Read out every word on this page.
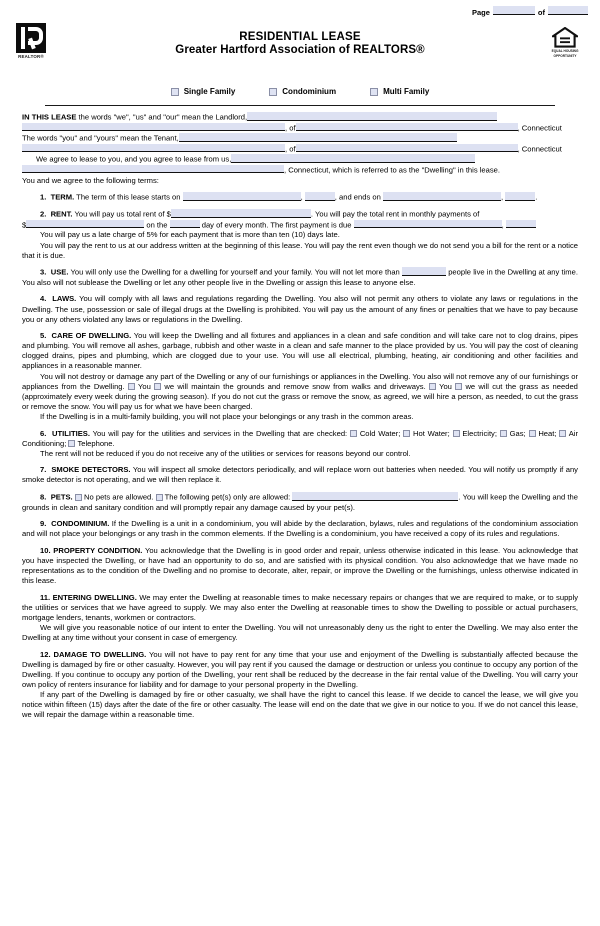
Page	of
REALTOR®
RESIDENTIAL LEASE
Greater Hartford Association of REALTORS®	EQUAL HOUSING
OPPORTUNITY
Single Family	Condominium	Multi Family
IN THIS LEASE the words "we", "us" and "our" mean the Landlord,
, of	, Connecticut
The words "you" and "yours" mean the Tenant,
, of	, Connecticut
We agree to lease to you, and you agree to lease from us,
, Connecticut, which is referred to as the "Dwelling" in this lease.
You and we agree to the following terms:
1. TERM. The term of this lease starts on	,	, and ends on	,	.
2. RENT. You will pay us total rent of $	. You will pay the total rent in monthly payments of
$	on the	day of every month. The first payment is due	,

You will pay us a late charge of 5% for each payment that is more than ten (10) days late.

You will pay the rent to us at our address written at the beginning of this lease. You will pay the rent even though we do not send you a bill for the rent or a notice that it is due.

3. USE. You will only use the Dwelling for a dwelling for yourself and your family. You will not let more than	people live in the Dwelling at any time. You also will not sublease the Dwelling or let any other people live in the Dwelling or assign this lease to anyone else.

4. LAWS. You will comply with all laws and regulations regarding the Dwelling. You also will not permit any others to violate any laws or regulations in the Dwelling. The use, possession or sale of illegal drugs at the Dwelling is prohibited. You will pay us the amount of any fines or penalties that we have to pay because you or any others violated any laws or regulations in the Dwelling.

5. CARE OF DWELLING. You will keep the Dwelling and all fixtures and appliances in a clean and safe condition and will take care not to clog drains, pipes and plumbing. You will remove all ashes, garbage, rubbish and other waste in a clean and safe manner to the place provided by us. You will pay the cost of cleaning clogged drains, pipes and plumbing, which are clogged due to your use. You will use all electrical, plumbing, heating, air conditioning and other facilities and appliances in a reasonable manner.

You will not destroy or damage any part of the Dwelling or any of our furnishings or appliances in the Dwelling. You also will not remove any of our furnishings or appliances from the Dwelling. You we will maintain the grounds and remove snow from walks and driveways. You we will cut the grass as needed (approximately every week during the growing season). If you do not cut the grass or remove the snow, as agreed, we will hire a person, as needed, to cut the grass or remove the snow. You will pay us for what we have been charged.

If the Dwelling is in a multi-family building, you will not place your belongings or any trash in the common areas.

6. UTILITIES. You will pay for the utilities and services in the Dwelling that are checked: Cold Water; Hot Water; Electricity; Gas; Heat; Air Conditioning; Telephone.

The rent will not be reduced if you do not receive any of the utilities or services for reasons beyond our control.

7. SMOKE DETECTORS. You will inspect all smoke detectors periodically, and will replace worn out batteries when needed. You will notify us promptly if any smoke detector is not operating, and we will then replace it.

8. PETS. No pets are allowed. The following pet(s) only are allowed:	. You will keep the Dwelling and the grounds in clean and sanitary condition and will promptly repair any damage caused by your pet(s).

9. CONDOMINIUM. If the Dwelling is a unit in a condominium, you will abide by the declaration, bylaws, rules and regulations of the condominium association and will not place your belongings or any trash in the common elements. If the Dwelling is a condominium, you have received a copy of its rules and regulations.

10. PROPERTY CONDITION. You acknowledge that the Dwelling is in good order and repair, unless otherwise indicated in this lease. You acknowledge that you have inspected the Dwelling, or have had an opportunity to do so, and are satisfied with its physical condition. You also acknowledge that we have made no representations as to the condition of the Dwelling and no promise to decorate, alter, repair, or improve the Dwelling or the furnishings, unless otherwise indicated in this lease.

11. ENTERING DWELLING. We may enter the Dwelling at reasonable times to make necessary repairs or changes that we are required to make, or to supply the utilities or services that we have agreed to supply. We may also enter the Dwelling at reasonable times to show the Dwelling to possible or actual purchasers, mortgage lenders, tenants, workmen or contractors.

We will give you reasonable notice of our intent to enter the Dwelling. You will not unreasonably deny us the right to enter the Dwelling. We may also enter the Dwelling at any time without your consent in case of emergency.

12. DAMAGE TO DWELLING. You will not have to pay rent for any time that your use and enjoyment of the Dwelling is substantially affected because the Dwelling is damaged by fire or other casualty. However, you will pay rent if you caused the damage or destruction or unless you continue to occupy any portion of the Dwelling. If you continue to occupy any portion of the Dwelling, your rent shall be reduced by the decrease in the fair rental value of the Dwelling. You will carry your own policy of renters insurance for liability and for damage to your personal property in the Dwelling.

If any part of the Dwelling is damaged by fire or other casualty, we shall have the right to cancel this lease. If we decide to cancel the lease, we will give you notice within fifteen (15) days after the date of the fire or other casualty. The lease will end on the date that we give in our notice to you. If we do not cancel this lease, we will repair the damage within a reasonable time.
